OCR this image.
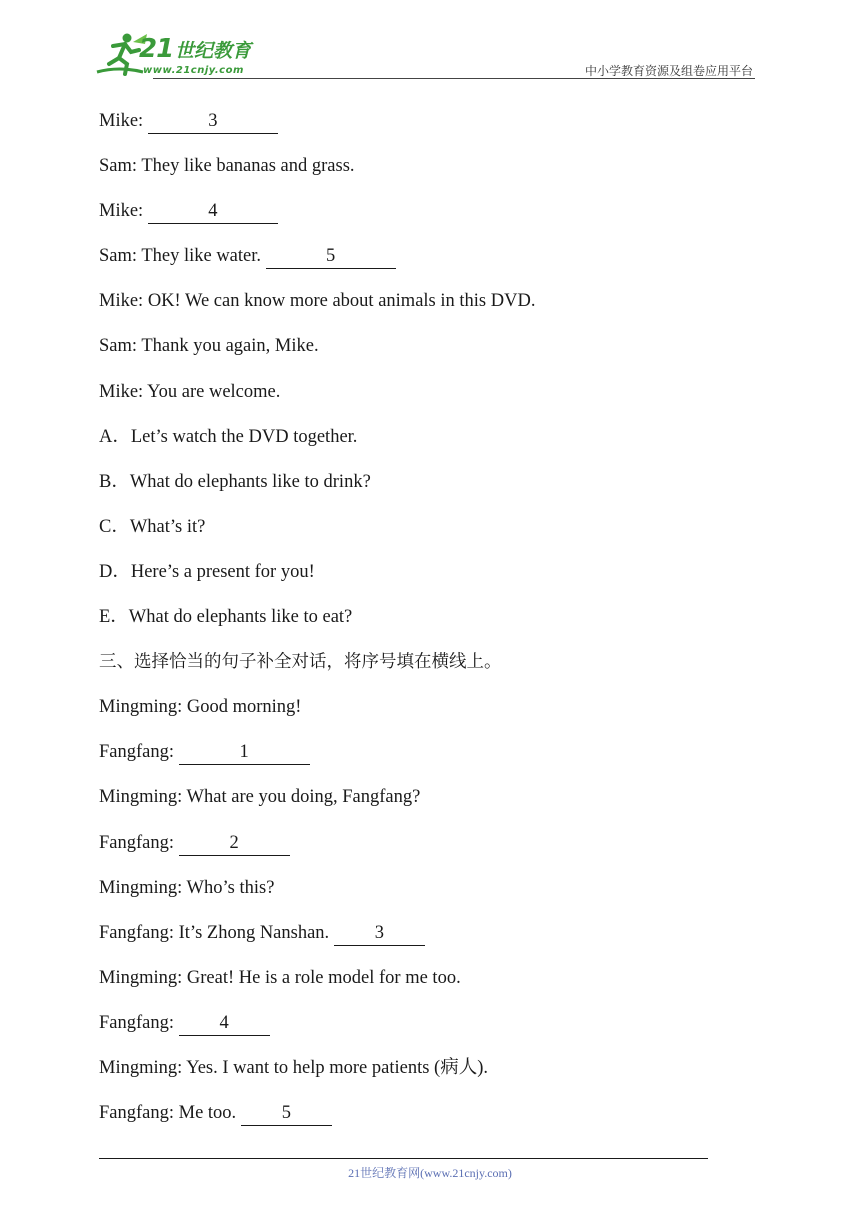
21 世纪教育
www.21cnjy.com	中小学教育资源及组卷应用平台
Mike:	3
Sam: They like bananas and grass.
Mike:	4
Sam: They like water.	5
Mike: OK! We can know more about animals in this DVD.
Sam: Thank you again, Mike.
Mike: You are welcome.
A．Let’s watch the DVD together.
B．What do elephants like to drink?
C．What’s it?
D．Here’s a present for you!
E．What do elephants like to eat?
三、选择恰当的句子补全对话，将序号填在横线上。
Mingming: Good morning!
Fangfang:	1
Mingming: What are you doing, Fangfang?
Fangfang:	2
Mingming: Who’s this?
Fangfang: It’s Zhong Nanshan. 3
Mingming: Great! He is a role model for me too.
Fangfang: 4
Mingming: Yes. I want to help more patients (病人).
Fangfang: Me too. 5
21世纪教育网(www.21cnjy.com)
